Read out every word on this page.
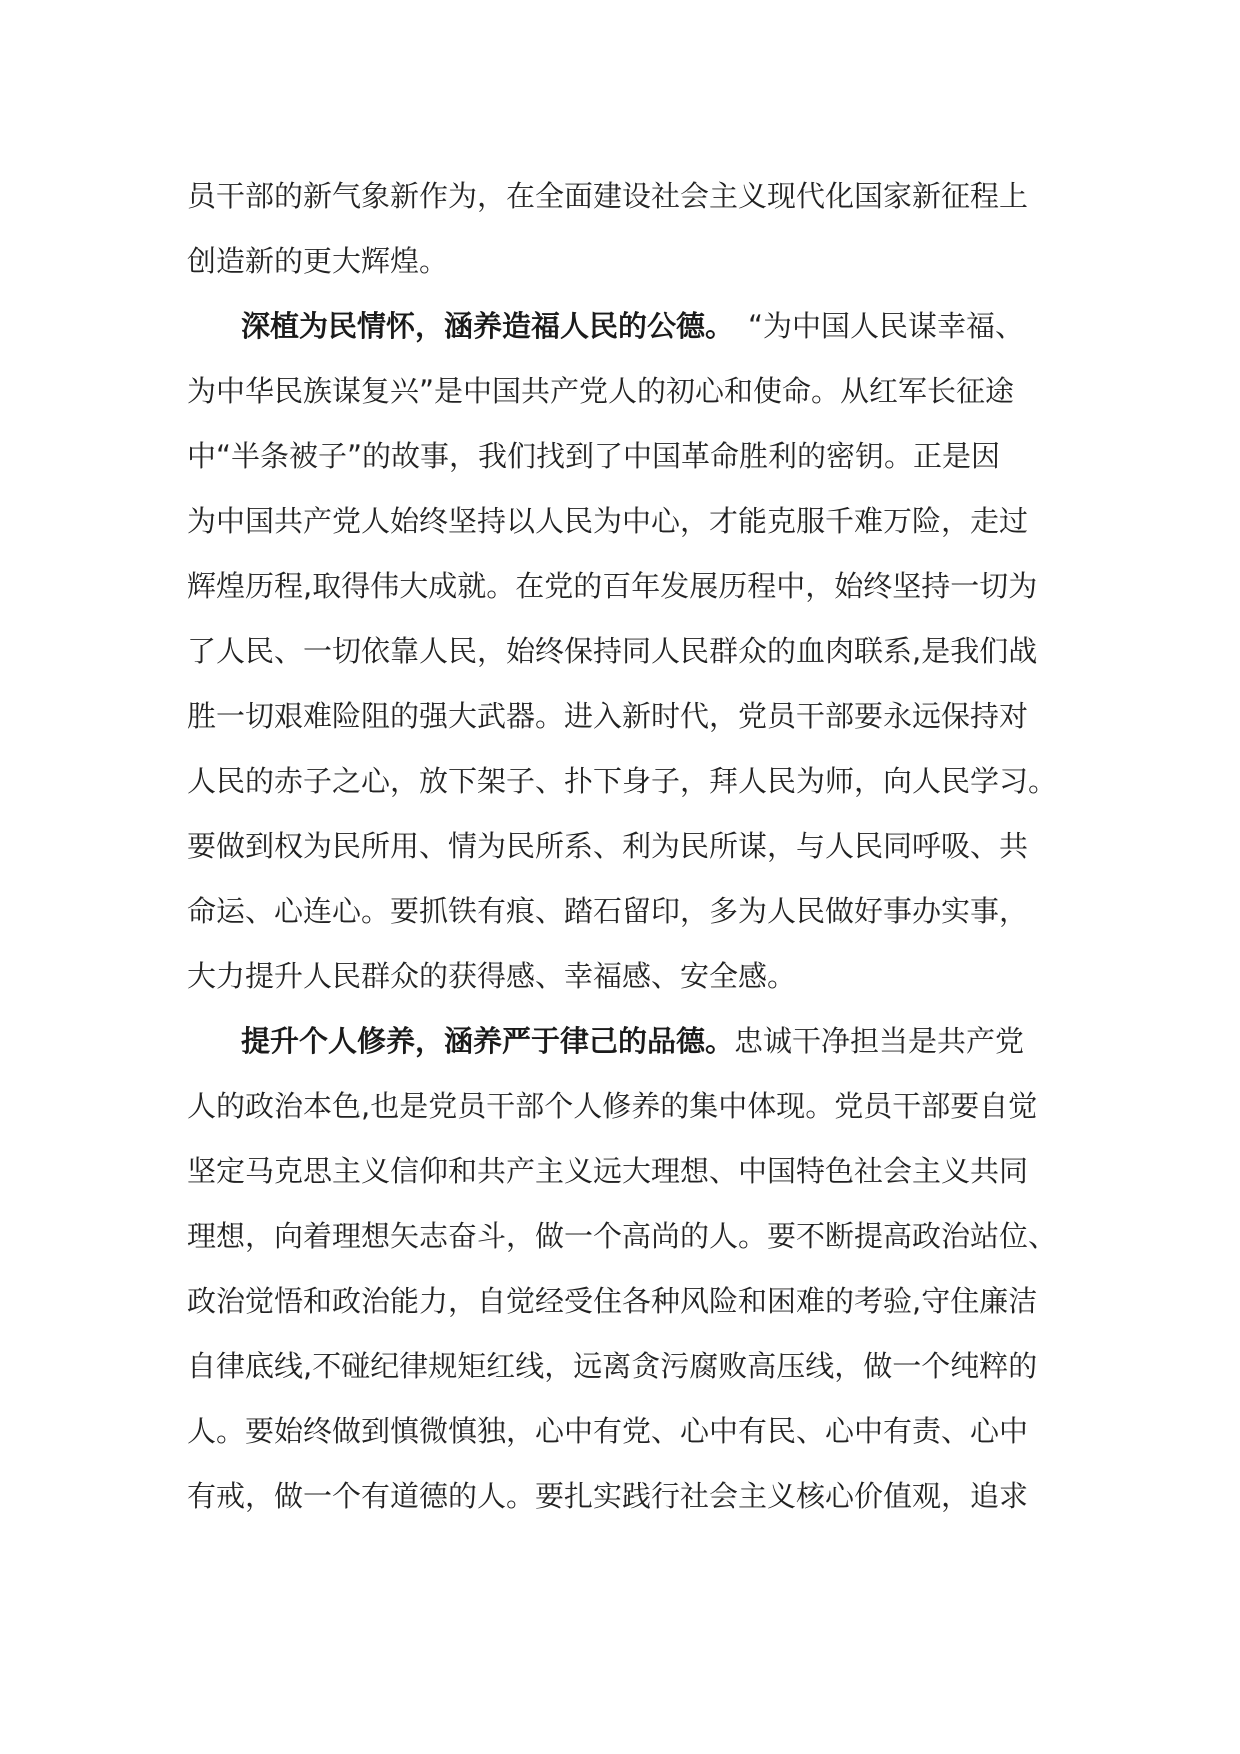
员干部的新气象新作为，在全面建设社会主义现代化国家新征程上
创造新的更大辉煌。
深植为民情怀，涵养造福人民的公德。 “为中国人民谋幸福、
为中华民族谋复兴”是中国共产党人的初心和使命。从红军长征途
中“半条被子”的故事，我们找到了中国革命胜利的密钥。正是因
为中国共产党人始终坚持以人民为中心，才能克服千难万险，走过
辉煌历程,取得伟大成就。在党的百年发展历程中，始终坚持一切为
了人民、一切依靠人民，始终保持同人民群众的血肉联系,是我们战
胜一切艰难险阻的强大武器。进入新时代，党员干部要永远保持对
人民的赤子之心，放下架子、扑下身子，拜人民为师，向人民学习。
要做到权为民所用、情为民所系、利为民所谋，与人民同呼吸、共
命运、心连心。要抓铁有痕、踏石留印，多为人民做好事办实事，
大力提升人民群众的获得感、幸福感、安全感。
提升个人修养，涵养严于律己的品德。忠诚干净担当是共产党
人的政治本色,也是党员干部个人修养的集中体现。党员干部要自觉
坚定马克思主义信仰和共产主义远大理想、中国特色社会主义共同
理想，向着理想矢志奋斗，做一个高尚的人。要不断提高政治站位、
政治觉悟和政治能力，自觉经受住各种风险和困难的考验,守住廉洁
自律底线,不碰纪律规矩红线，远离贪污腐败高压线，做一个纯粹的
人。要始终做到慎微慎独，心中有党、心中有民、心中有责、心中
有戒，做一个有道德的人。要扎实践行社会主义核心价值观，追求
